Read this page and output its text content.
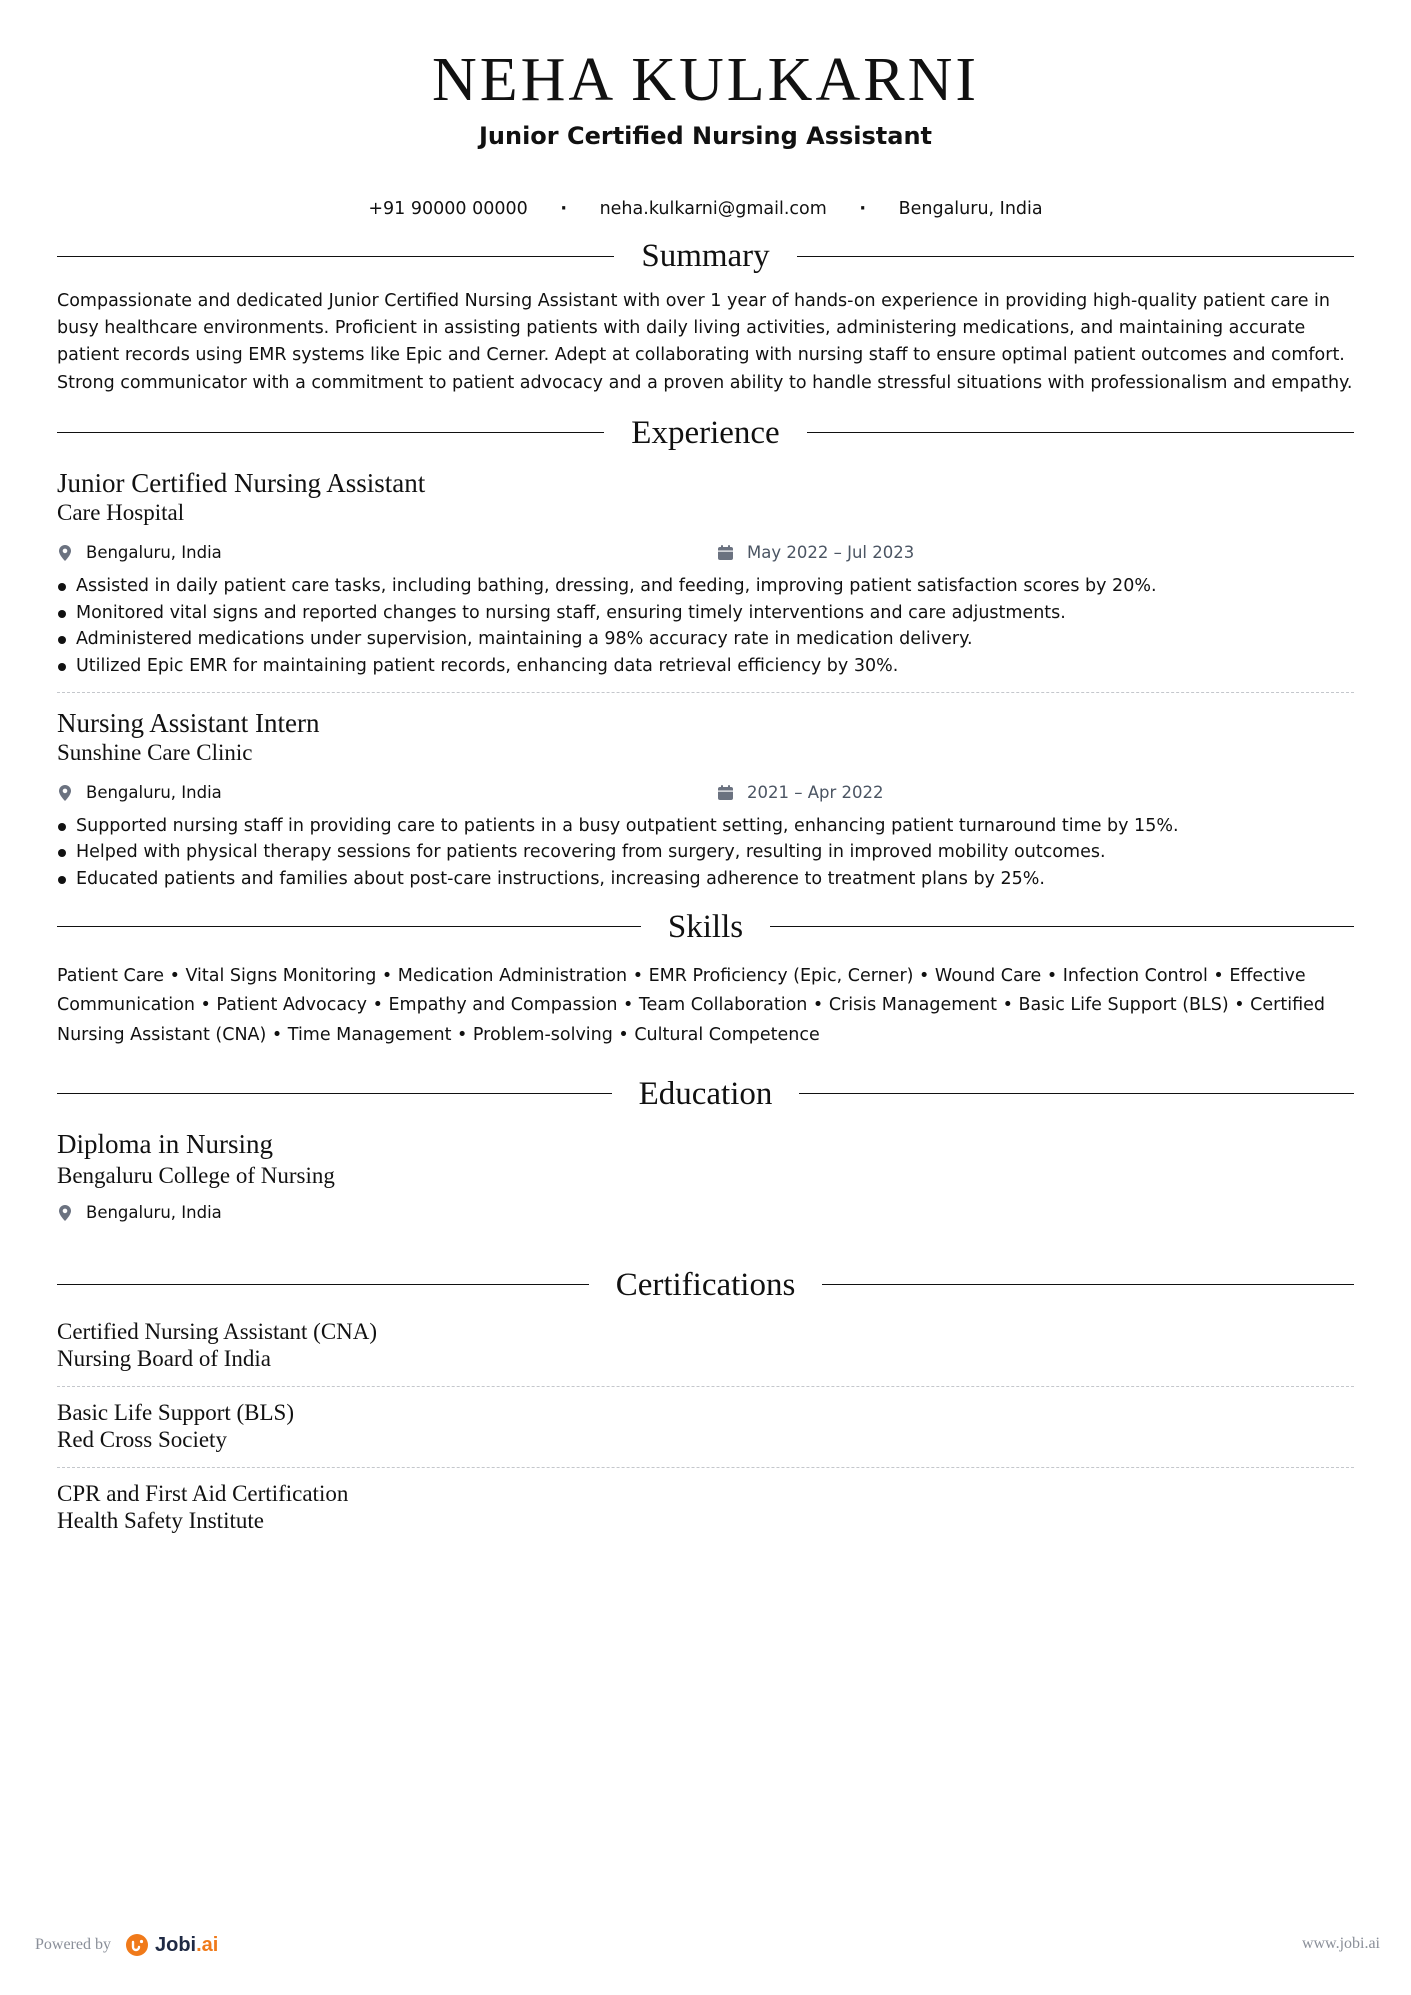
NEHA KULKARNI
Junior Certified Nursing Assistant
+91 90000 00000 · neha.kulkarni@gmail.com · Bengaluru, India
Summary
Compassionate and dedicated Junior Certified Nursing Assistant with over 1 year of hands-on experience in providing high-quality patient care in busy healthcare environments. Proficient in assisting patients with daily living activities, administering medications, and maintaining accurate patient records using EMR systems like Epic and Cerner. Adept at collaborating with nursing staff to ensure optimal patient outcomes and comfort. Strong communicator with a commitment to patient advocacy and a proven ability to handle stressful situations with professionalism and empathy.
Experience
Junior Certified Nursing Assistant
Care Hospital
Bengaluru, India	May 2022 – Jul 2023
Assisted in daily patient care tasks, including bathing, dressing, and feeding, improving patient satisfaction scores by 20%.
Monitored vital signs and reported changes to nursing staff, ensuring timely interventions and care adjustments.
Administered medications under supervision, maintaining a 98% accuracy rate in medication delivery.
Utilized Epic EMR for maintaining patient records, enhancing data retrieval efficiency by 30%.
Nursing Assistant Intern
Sunshine Care Clinic
Bengaluru, India	2021 – Apr 2022
Supported nursing staff in providing care to patients in a busy outpatient setting, enhancing patient turnaround time by 15%.
Helped with physical therapy sessions for patients recovering from surgery, resulting in improved mobility outcomes.
Educated patients and families about post-care instructions, increasing adherence to treatment plans by 25%.
Skills
Patient Care • Vital Signs Monitoring • Medication Administration • EMR Proficiency (Epic, Cerner) • Wound Care • Infection Control • Effective Communication • Patient Advocacy • Empathy and Compassion • Team Collaboration • Crisis Management • Basic Life Support (BLS) • Certified Nursing Assistant (CNA) • Time Management • Problem-solving • Cultural Competence
Education
Diploma in Nursing
Bengaluru College of Nursing
Bengaluru, India
Certifications
Certified Nursing Assistant (CNA)
Nursing Board of India
Basic Life Support (BLS)
Red Cross Society
CPR and First Aid Certification
Health Safety Institute
Powered by Jobi.ai	www.jobi.ai
